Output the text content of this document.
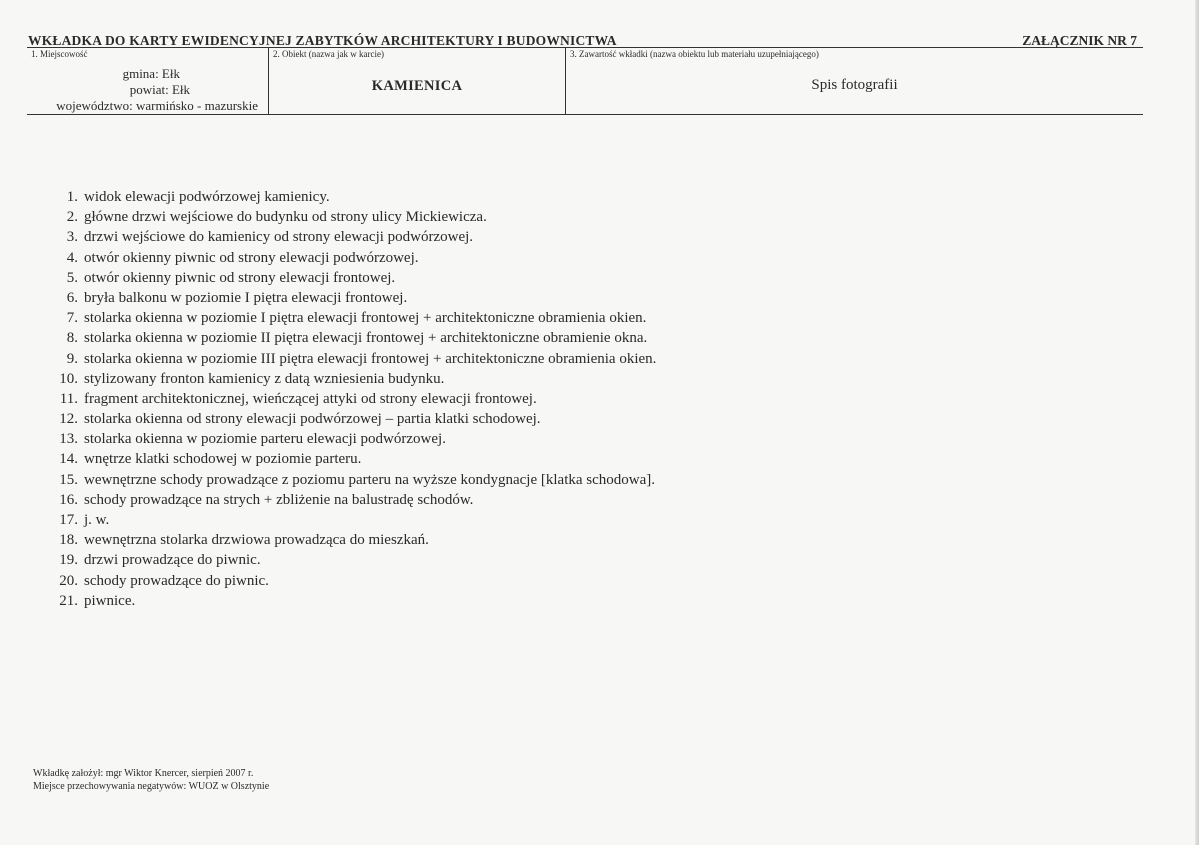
WKŁADKA DO KARTY EWIDENCYJNEJ ZABYTKÓW ARCHITEKTURY I BUDOWNICTWA	ZAŁĄCZNIK NR 7
1. Miejscowość
gmina: Ełk
powiat: Ełk
województwo: warmińsko - mazurskie
2. Obiekt (nazwa jak w karcie)
KAMIENICA
3. Zawartość wkładki (nazwa obiektu lub materiału uzupełniającego)
Spis fotografii
1. widok elewacji podwórzowej kamienicy.
2. główne drzwi wejściowe do budynku od strony ulicy Mickiewicza.
3. drzwi wejściowe do kamienicy od strony elewacji podwórzowej.
4. otwór okienny piwnic od strony elewacji podwórzowej.
5. otwór okienny piwnic od strony elewacji frontowej.
6. bryła balkonu w poziomie I piętra elewacji frontowej.
7. stolarka okienna w poziomie I piętra elewacji frontowej + architektoniczne obramienia okien.
8. stolarka okienna w poziomie II piętra elewacji frontowej + architektoniczne obramienie okna.
9. stolarka okienna w poziomie III piętra elewacji frontowej + architektoniczne obramienia okien.
10. stylizowany fronton kamienicy z datą wzniesienia budynku.
11. fragment architektonicznej, wieńczącej attyki od strony elewacji frontowej.
12. stolarka okienna od strony elewacji podwórzowej – partia klatki schodowej.
13. stolarka okienna w poziomie parteru elewacji podwórzowej.
14. wnętrze klatki schodowej w poziomie parteru.
15. wewnętrzne schody prowadzące z poziomu parteru na wyższe kondygnacje [klatka schodowa].
16. schody prowadzące na strych + zbliżenie na balustradę schodów.
17. j. w.
18. wewnętrzna stolarka drzwiowa prowadząca do mieszkań.
19. drzwi prowadzące do piwnic.
20. schody prowadzące do piwnic.
21. piwnice.
Wkładkę założył: mgr Wiktor Knercer, sierpień 2007 r.
Miejsce przechowywania negatywów: WUOZ w Olsztynie
